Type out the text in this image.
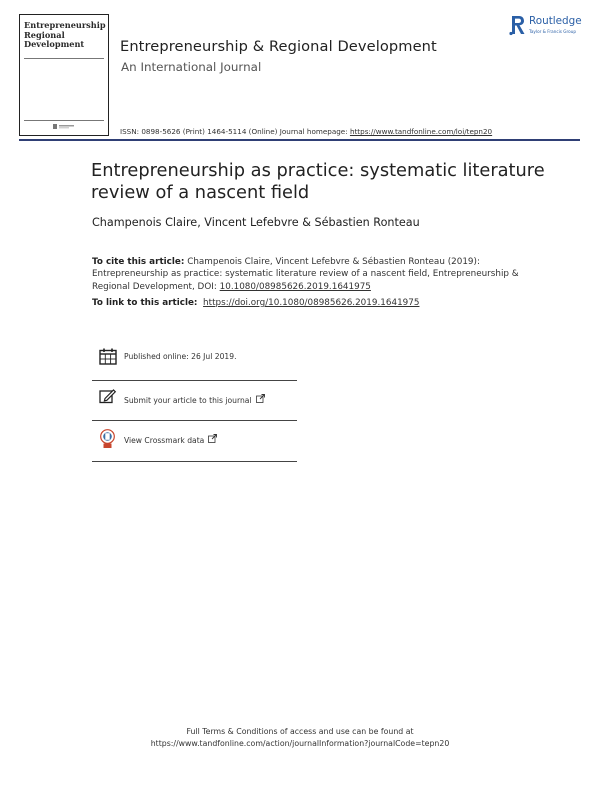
Entrepreneurship
Regional Development	Entrepreneurship & Regional Development
An International Journal
Routledge
Taylor & Francis Group
ISSN: 0898-5626 (Print) 1464-5114 (Online) Journal homepage: https://www.tandfonline.com/loi/tepn20
Entrepreneurship as practice: systematic literature review of a nascent field
Champenois Claire, Vincent Lefebvre & Sébastien Ronteau
To cite this article: Champenois Claire, Vincent Lefebvre & Sébastien Ronteau (2019): Entrepreneurship as practice: systematic literature review of a nascent field, Entrepreneurship & Regional Development, DOI: 10.1080/08985626.2019.1641975
To link to this article: https://doi.org/10.1080/08985626.2019.1641975
Published online: 26 Jul 2019.
Submit your article to this journal
View Crossmark data
Full Terms & Conditions of access and use can be found at
https://www.tandfonline.com/action/journalInformation?journalCode=tepn20
